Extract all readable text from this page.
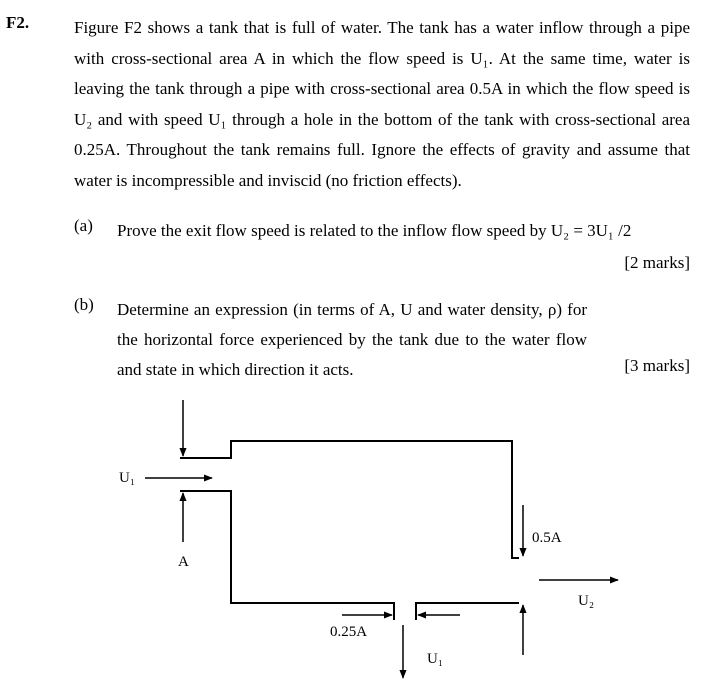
F2.	Figure F2 shows a tank that is full of water. The tank has a water inflow through a pipe with cross-sectional area A in which the flow speed is U₁. At the same time, water is leaving the tank through a pipe with cross-sectional area 0.5A in which the flow speed is U₂ and with speed U₁ through a hole in the bottom of the tank with cross-sectional area 0.25A. Throughout the tank remains full. Ignore the effects of gravity and assume that water is incompressible and inviscid (no friction effects).
(a) Prove the exit flow speed is related to the inflow flow speed by U₂ = 3U₁ /2
[2 marks]
(b) Determine an expression (in terms of A, U and water density, ρ) for the horizontal force experienced by the tank due to the water flow and state in which direction it acts.	[3 marks]
U₁
A
0.5A
U₂
0.25A
U₁
